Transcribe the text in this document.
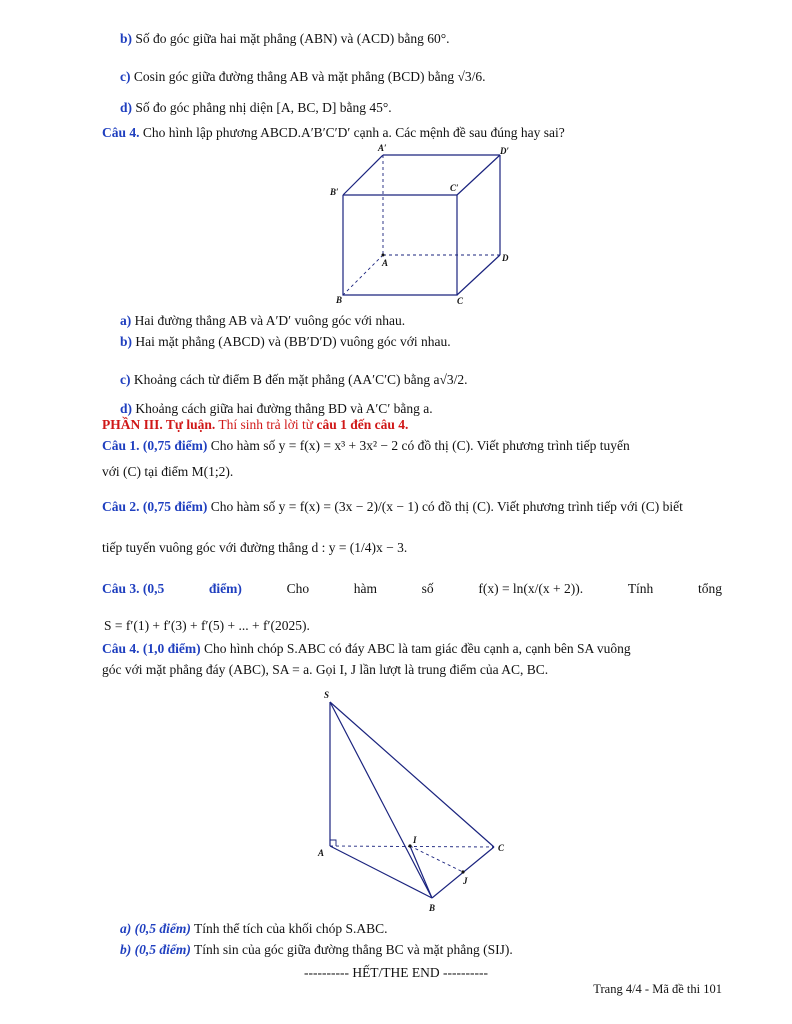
b) Số đo góc giữa hai mặt phẳng (ABN) và (ACD) bằng 60°.
c) Cosin góc giữa đường thẳng AB và mặt phẳng (BCD) bằng √3/6.
d) Số đo góc phẳng nhị diện [A, BC, D] bằng 45°.
Câu 4. Cho hình lập phương ABCD.A′B′C′D′ cạnh a. Các mệnh đề sau đúng hay sai?
A′	D′
B′	C′
A	D
B	C
a) Hai đường thẳng AB và A′D′ vuông góc với nhau.
b) Hai mặt phẳng (ABCD) và (BB′D′D) vuông góc với nhau.
c) Khoảng cách từ điểm B đến mặt phẳng (AA′C′C) bằng a√3/2.
d) Khoảng cách giữa hai đường thẳng BD và A′C′ bằng a.
PHẦN III. Tự luận. Thí sinh trả lời từ câu 1 đến câu 4.
Câu 1. (0,75 điểm) Cho hàm số y = f(x) = x³ + 3x² − 2 có đồ thị (C). Viết phương trình tiếp tuyến
với (C) tại điểm M(1;2).
Câu 2. (0,75 điểm) Cho hàm số y = f(x) = (3x − 2)/(x − 1) có đồ thị (C). Viết phương trình tiếp với (C) biết
tiếp tuyến vuông góc với đường thẳng d : y = (1/4)x − 3.
Câu 3. (0,5	điểm)	Cho	hàm	số	f(x) = ln(x/(x + 2)).	Tính	tổng
S = f′(1) + f′(3) + f′(5) + ... + f′(2025).
Câu 4. (1,0 điểm) Cho hình chóp S.ABC có đáy ABC là tam giác đều cạnh a, cạnh bên SA vuông
góc với mặt phẳng đáy (ABC), SA = a. Gọi I, J lần lượt là trung điểm của AC, BC.
S
A
B
C
I
J
a) (0,5 điểm) Tính thể tích của khối chóp S.ABC.
b) (0,5 điểm) Tính sin của góc giữa đường thẳng BC và mặt phẳng (SIJ).
---------- HẾT/THE END ----------
Trang 4/4 - Mã đề thi 101
